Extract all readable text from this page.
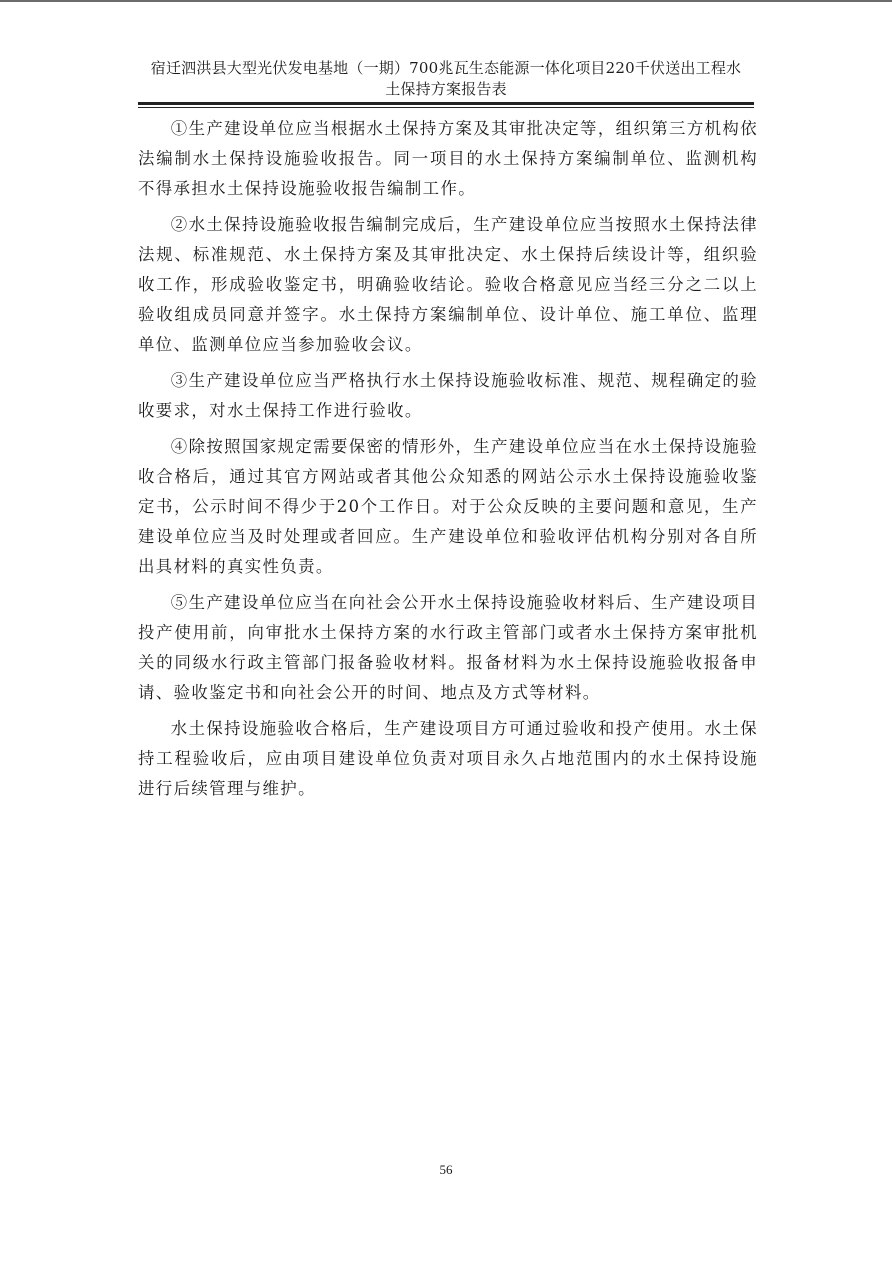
宿迁泗洪县大型光伏发电基地（一期）700兆瓦生态能源一体化项目220千伏送出工程水
土保持方案报告表

①生产建设单位应当根据水土保持方案及其审批决定等，组织第三方机构依法编制水土保持设施验收报告。同一项目的水土保持方案编制单位、监测机构不得承担水土保持设施验收报告编制工作。

②水土保持设施验收报告编制完成后，生产建设单位应当按照水土保持法律法规、标准规范、水土保持方案及其审批决定、水土保持后续设计等，组织验收工作，形成验收鉴定书，明确验收结论。验收合格意见应当经三分之二以上验收组成员同意并签字。水土保持方案编制单位、设计单位、施工单位、监理单位、监测单位应当参加验收会议。

③生产建设单位应当严格执行水土保持设施验收标准、规范、规程确定的验收要求，对水土保持工作进行验收。

④除按照国家规定需要保密的情形外，生产建设单位应当在水土保持设施验收合格后，通过其官方网站或者其他公众知悉的网站公示水土保持设施验收鉴定书，公示时间不得少于20个工作日。对于公众反映的主要问题和意见，生产建设单位应当及时处理或者回应。生产建设单位和验收评估机构分别对各自所出具材料的真实性负责。

⑤生产建设单位应当在向社会公开水土保持设施验收材料后、生产建设项目投产使用前，向审批水土保持方案的水行政主管部门或者水土保持方案审批机关的同级水行政主管部门报备验收材料。报备材料为水土保持设施验收报备申请、验收鉴定书和向社会公开的时间、地点及方式等材料。

水土保持设施验收合格后，生产建设项目方可通过验收和投产使用。水土保持工程验收后，应由项目建设单位负责对项目永久占地范围内的水土保持设施进行后续管理与维护。

56
